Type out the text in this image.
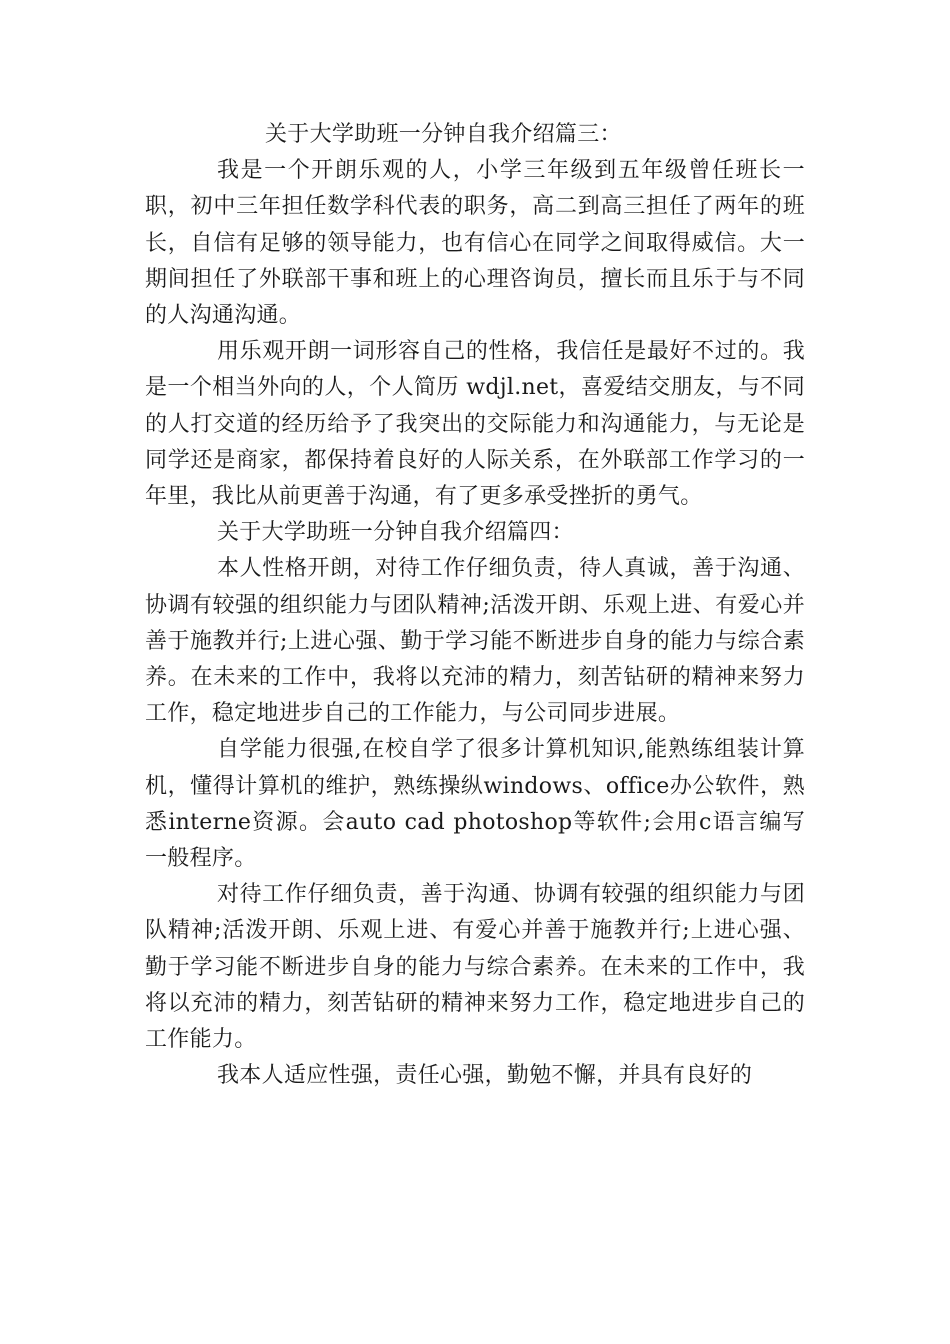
关于大学助班一分钟自我介绍篇三：

我是一个开朗乐观的人，小学三年级到五年级曾任班长一职，初中三年担任数学科代表的职务，高二到高三担任了两年的班长，自信有足够的领导能力，也有信心在同学之间取得威信。大一期间担任了外联部干事和班上的心理咨询员，擅长而且乐于与不同的人沟通沟通。

用乐观开朗一词形容自己的性格，我信任是最好不过的。我是一个相当外向的人，个人简历 wdjl.net，喜爱结交朋友，与不同的人打交道的经历给予了我突出的交际能力和沟通能力，与无论是同学还是商家，都保持着良好的人际关系，在外联部工作学习的一年里，我比从前更善于沟通，有了更多承受挫折的勇气。

关于大学助班一分钟自我介绍篇四：

本人性格开朗，对待工作仔细负责，待人真诚，善于沟通、协调有较强的组织能力与团队精神;活泼开朗、乐观上进、有爱心并善于施教并行;上进心强、勤于学习能不断进步自身的能力与综合素养。在未来的工作中，我将以充沛的精力，刻苦钻研的精神来努力工作，稳定地进步自己的工作能力，与公司同步进展。

自学能力很强,在校自学了很多计算机知识,能熟练组装计算机，懂得计算机的维护，熟练操纵windows、office办公软件，熟悉interne资源。会auto cad photoshop等软件;会用c语言编写一般程序。

对待工作仔细负责，善于沟通、协调有较强的组织能力与团队精神;活泼开朗、乐观上进、有爱心并善于施教并行;上进心强、勤于学习能不断进步自身的能力与综合素养。在未来的工作中，我将以充沛的精力，刻苦钻研的精神来努力工作，稳定地进步自己的工作能力。

我本人适应性强，责任心强，勤勉不懈，并具有良好的
